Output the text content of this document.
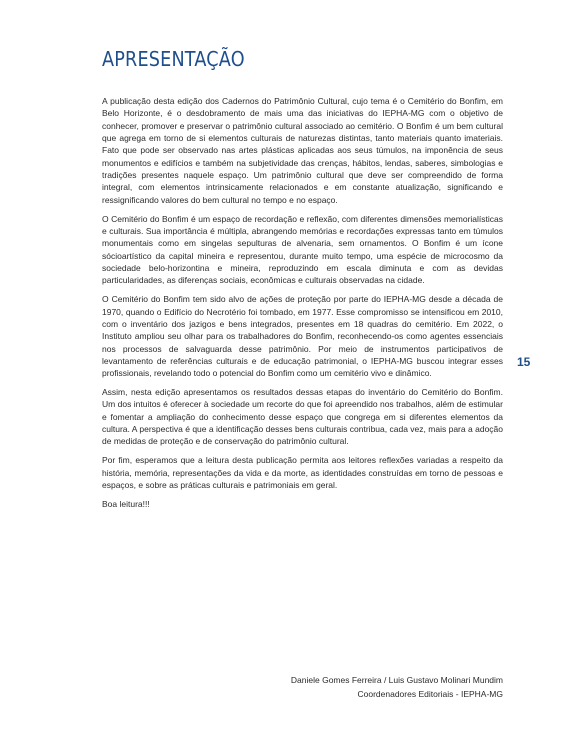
APRESENTAÇÃO

A publicação desta edição dos Cadernos do Patrimônio Cultural, cujo tema é o Cemitério do Bonfim, em Belo Horizonte, é o desdobramento de mais uma das iniciativas do IEPHA-MG com o objetivo de conhecer, promover e preservar o patrimônio cultural associado ao cemitério. O Bonfim é um bem cultural que agrega em torno de si elementos culturais de naturezas distintas, tanto materiais quanto imateriais. Fato que pode ser observado nas artes plásticas aplicadas aos seus túmulos, na imponência de seus monumentos e edifícios e também na subjetividade das crenças, hábitos, lendas, saberes, simbologias e tradições presentes naquele espaço. Um patrimônio cultural que deve ser compreendido de forma integral, com elementos intrinsicamente relacionados e em constante atualização, significando e ressignificando valores do bem cultural no tempo e no espaço.

O Cemitério do Bonfim é um espaço de recordação e reflexão, com diferentes dimensões memorialísticas e culturais. Sua importância é múltipla, abrangendo memórias e recordações expressas tanto em túmulos monumentais como em singelas sepulturas de alvenaria, sem ornamentos. O Bonfim é um ícone sócioartístico da capital mineira e representou, durante muito tempo, uma espécie de microcosmo da sociedade belo-horizontina e mineira, reproduzindo em escala diminuta e com as devidas particularidades, as diferenças sociais, econômicas e culturais observadas na cidade.

O Cemitério do Bonfim tem sido alvo de ações de proteção por parte do IEPHA-MG desde a década de 1970, quando o Edifício do Necrotério foi tombado, em 1977. Esse compromisso se intensificou em 2010, com o inventário dos jazigos e bens integrados, presentes em 18 quadras do cemitério. Em 2022, o Instituto ampliou seu olhar para os trabalhadores do Bonfim, reconhecendo-os como agentes essenciais nos processos de salvaguarda desse patrimônio. Por meio de instrumentos participativos de levantamento de referências culturais e de educação patrimonial, o IEPHA-MG buscou integrar esses profissionais, revelando todo o potencial do Bonfim como um cemitério vivo e dinâmico.

Assim, nesta edição apresentamos os resultados dessas etapas do inventário do Cemitério do Bonfim. Um dos intuitos é oferecer à sociedade um recorte do que foi apreendido nos trabalhos, além de estimular e fomentar a ampliação do conhecimento desse espaço que congrega em si diferentes elementos da cultura. A perspectiva é que a identificação desses bens culturais contribua, cada vez, mais para a adoção de medidas de proteção e de conservação do patrimônio cultural.

Por fim, esperamos que a leitura desta publicação permita aos leitores reflexões variadas a respeito da história, memória, representações da vida e da morte, as identidades construídas em torno de pessoas e espaços, e sobre as práticas culturais e patrimoniais em geral.

Boa leitura!!!

15
Daniele Gomes Ferreira / Luis Gustavo Molinari Mundim
Coordenadores Editoriais - IEPHA-MG
